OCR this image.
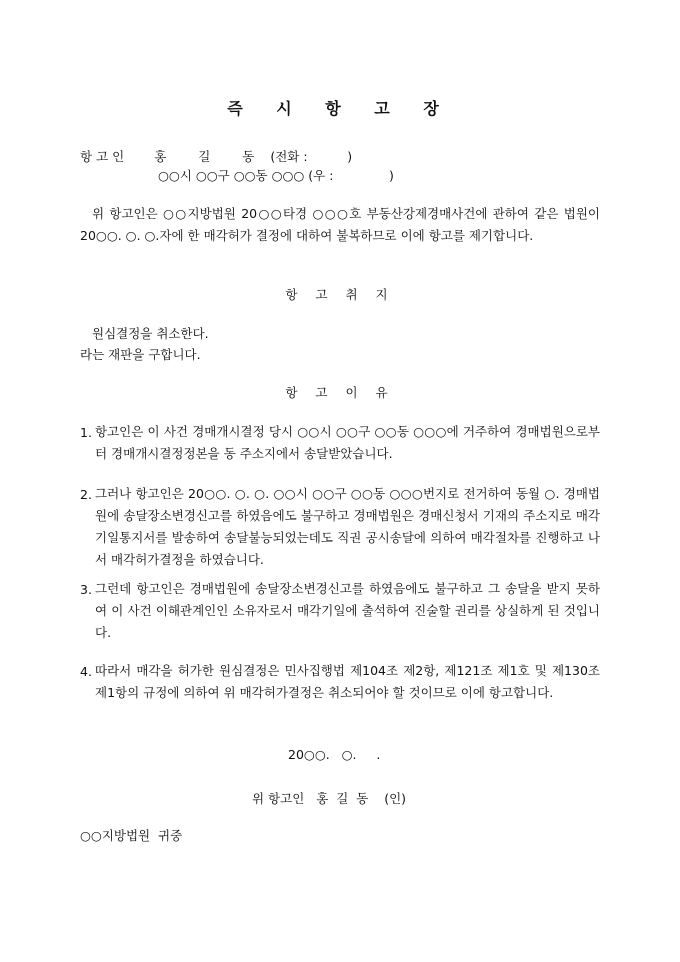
즉 시 항 고 장
항고인 홍  길  동 (전화 :          )
○○시 ○○구 ○○동 ○○○ (우 :              )
위 항고인은 ○○지방법원 20○○타경 ○○○호 부동산강제경매사건에 관하여 같은 법원이 20○○. ○. ○.자에 한 매각허가 결정에 대하여 불복하므로 이에 항고를 제기합니다.
항 고 취 지
원심결정을 취소한다.
라는 재판을 구합니다.
항 고 이 유
1. 항고인은 이 사건 경매개시결정 당시 ○○시 ○○구 ○○동 ○○○에 거주하여 경매법원으로부터 경매개시결정정본을 동 주소지에서 송달받았습니다.
2. 그러나 항고인은 20○○. ○. ○. ○○시 ○○구 ○○동 ○○○번지로 전거하여 동월 ○. 경매법원에 송달장소변경신고를 하였음에도 불구하고 경매법원은 경매신청서 기재의 주소지로 매각기일통지서를 발송하여 송달불능되었는데도 직권 공시송달에 의하여 매각절차를 진행하고 나서 매각허가결정을 하였습니다.
3. 그런데 항고인은 경매법원에 송달장소변경신고를 하였음에도 불구하고 그 송달을 받지 못하여 이 사건 이해관계인인 소유자로서 매각기일에 출석하여 진술할 권리를 상실하게 된 것입니다.
4. 따라서 매각을 허가한 원심결정은 민사집행법 제104조 제2항, 제121조 제1호 및 제130조 제1항의 규정에 의하여 위 매각허가결정은 취소되어야 할 것이므로 이에 항고합니다.
20○○.   ○.     .
위 항고인   홍  길  동    (인)
○○지방법원  귀중
